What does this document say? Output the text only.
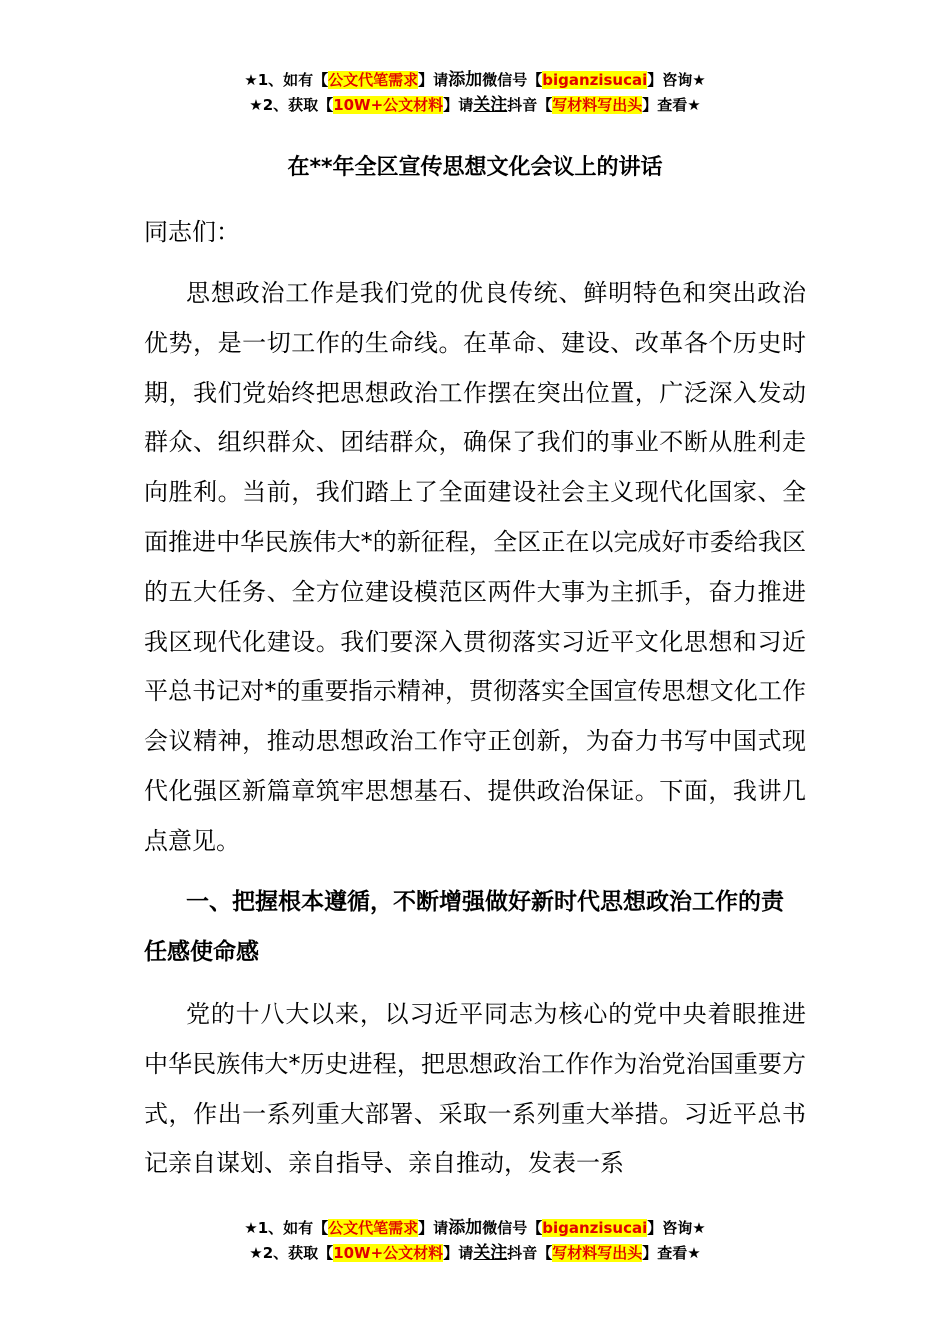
★1、如有【公文代笔需求】请添加微信号【biganzisucai】咨询★
★2、获取【10W+公文材料】请关注抖音【写材料写出头】查看★
在**年全区宣传思想文化会议上的讲话
同志们：

思想政治工作是我们党的优良传统、鲜明特色和突出政治优势，是一切工作的生命线。在革命、建设、改革各个历史时期，我们党始终把思想政治工作摆在突出位置，广泛深入发动群众、组织群众、团结群众，确保了我们的事业不断从胜利走向胜利。当前，我们踏上了全面建设社会主义现代化国家、全面推进中华民族伟大*的新征程，全区正在以完成好市委给我区的五大任务、全方位建设模范区两件大事为主抓手，奋力推进我区现代化建设。我们要深入贯彻落实习近平文化思想和习近平总书记对*的重要指示精神，贯彻落实全国宣传思想文化工作会议精神，推动思想政治工作守正创新，为奋力书写中国式现代化强区新篇章筑牢思想基石、提供政治保证。下面，我讲几点意见。

一、把握根本遵循，不断增强做好新时代思想政治工作的责任感使命感

党的十八大以来，以习近平同志为核心的党中央着眼推进中华民族伟大*历史进程，把思想政治工作作为治党治国重要方式，作出一系列重大部署、采取一系列重大举措。习近平总书记亲自谋划、亲自指导、亲自推动，发表一系

★1、如有【公文代笔需求】请添加微信号【biganzisucai】咨询★
★2、获取【10W+公文材料】请关注抖音【写材料写出头】查看★
